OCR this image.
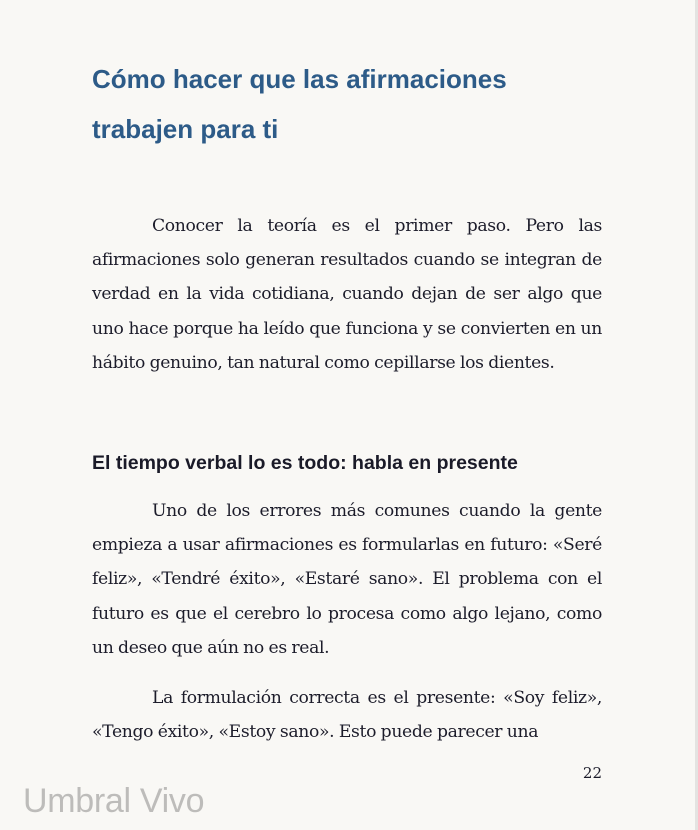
Cómo hacer que las afirmaciones trabajen para ti

Conocer la teoría es el primer paso. Pero las afirmaciones solo generan resultados cuando se integran de verdad en la vida cotidiana, cuando dejan de ser algo que uno hace porque ha leído que funciona y se convierten en un hábito genuino, tan natural como cepillarse los dientes.

El tiempo verbal lo es todo: habla en presente

Uno de los errores más comunes cuando la gente empieza a usar afirmaciones es formularlas en futuro: «Seré feliz», «Tendré éxito», «Estaré sano». El problema con el futuro es que el cerebro lo procesa como algo lejano, como un deseo que aún no es real.

La formulación correcta es el presente: «Soy feliz», «Tengo éxito», «Estoy sano». Esto puede parecer una

22
Umbral Vivo
